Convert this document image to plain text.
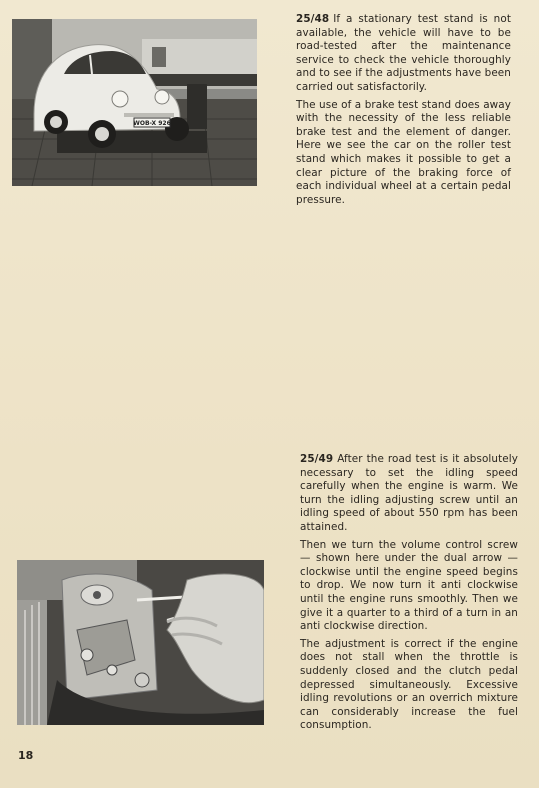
WOB-X 926

25/48 If a stationary test stand is not available, the vehicle will have to be road-tested after the maintenance service to check the vehicle thoroughly and to see if the adjustments have been carried out satisfactorily.

The use of a brake test stand does away with the necessity of the less reliable brake test and the element of danger. Here we see the car on the roller test stand which makes it possible to get a clear picture of the braking force of each individual wheel at a certain pedal pressure.

25/49 After the road test is it absolutely necessary to set the idling speed carefully when the engine is warm. We turn the idling adjusting screw until an idling speed of about 550 rpm has been attained.

Then we turn the volume control screw — shown here under the dual arrow — clockwise until the engine speed begins to drop. We now turn it anti clockwise until the engine runs smoothly. Then we give it a quarter to a third of a turn in an anti clockwise direction.

The adjustment is correct if the engine does not stall when the throttle is suddenly closed and the clutch pedal depressed simultaneously. Excessive idling revolutions or an overrich mixture can considerably increase the fuel consumption.

18
